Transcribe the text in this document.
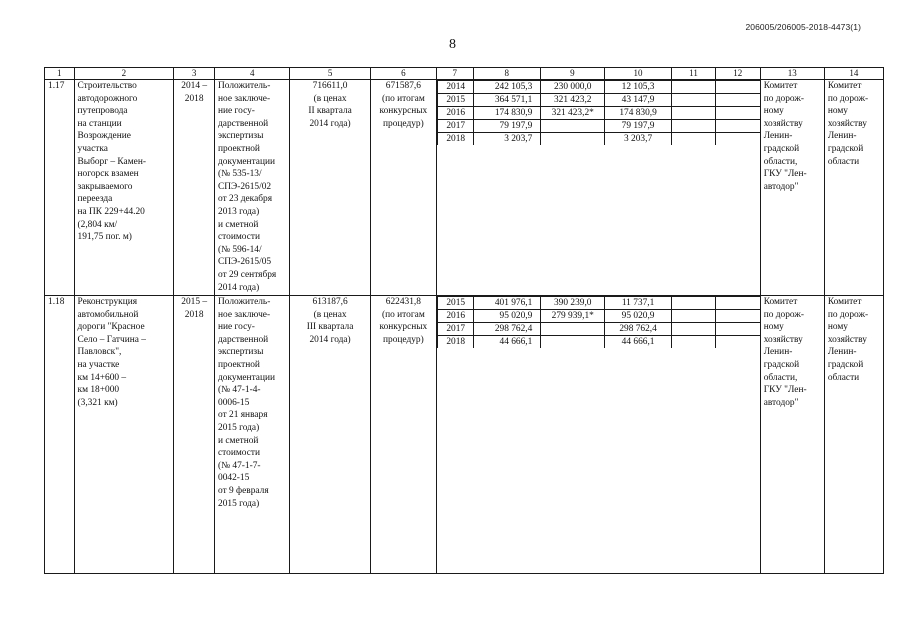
206005/206005-2018-4473(1)
8
1	2	3	4	5	6	7	8	9	10	11	12	13	14
1.17	Строительство
автодорожного
путепровода
на станции
Возрождение
участка
Выборг – Камен-
ногорск взамен
закрываемого
переезда
на ПК 229+44.20
(2,804 км/
191,75 пог. м)	2014 –
2018	Положитель-
ное заключе-
ние госу-
дарственной
экспертизы
проектной
документации
(№ 535-13/
СПЭ-2615/02
от 23 декабря
2013 года)
и сметной
стоимости
(№ 596-14/
СПЭ-2615/05
от 29 сентября
2014 года)	716611,0
(в ценах
II квартала
2014 года)	671587,6
(по итогам
конкурсных
процедур)	
2014	242 105,3	230 000,0	12 105,3		
2015	364 571,1	321 423,2	43 147,9		
2016	174 830,9	321 423,2*	174 830,9		
2017	79 197,9		79 197,9		
2018	3 203,7		3 203,7		
	Комитет
по дорож-
ному
хозяйству
Ленин-
градской
области,
ГКУ "Лен-
автодор"	Комитет
по дорож-
ному
хозяйству
Ленин-
градской
области
1.18	Реконструкция
автомобильной
дороги "Красное
Село – Гатчина –
Павловск",
на участке
км 14+600 –
км 18+000
(3,321 км)	2015 –
2018	Положитель-
ное заключе-
ние госу-
дарственной
экспертизы
проектной
документации
(№ 47-1-4-
0006-15
от 21 января
2015 года)
и сметной
стоимости
(№ 47-1-7-
0042-15
от 9 февраля
2015 года)	613187,6
(в ценах
III квартала
2014 года)	622431,8
(по итогам
конкурсных
процедур)	
2015	401 976,1	390 239,0	11 737,1		
2016	95 020,9	279 939,1*	95 020,9		
2017	298 762,4		298 762,4		
2018	44 666,1		44 666,1		
	Комитет
по дорож-
ному
хозяйству
Ленин-
градской
области,
ГКУ "Лен-
автодор"	Комитет
по дорож-
ному
хозяйству
Ленин-
градской
области
